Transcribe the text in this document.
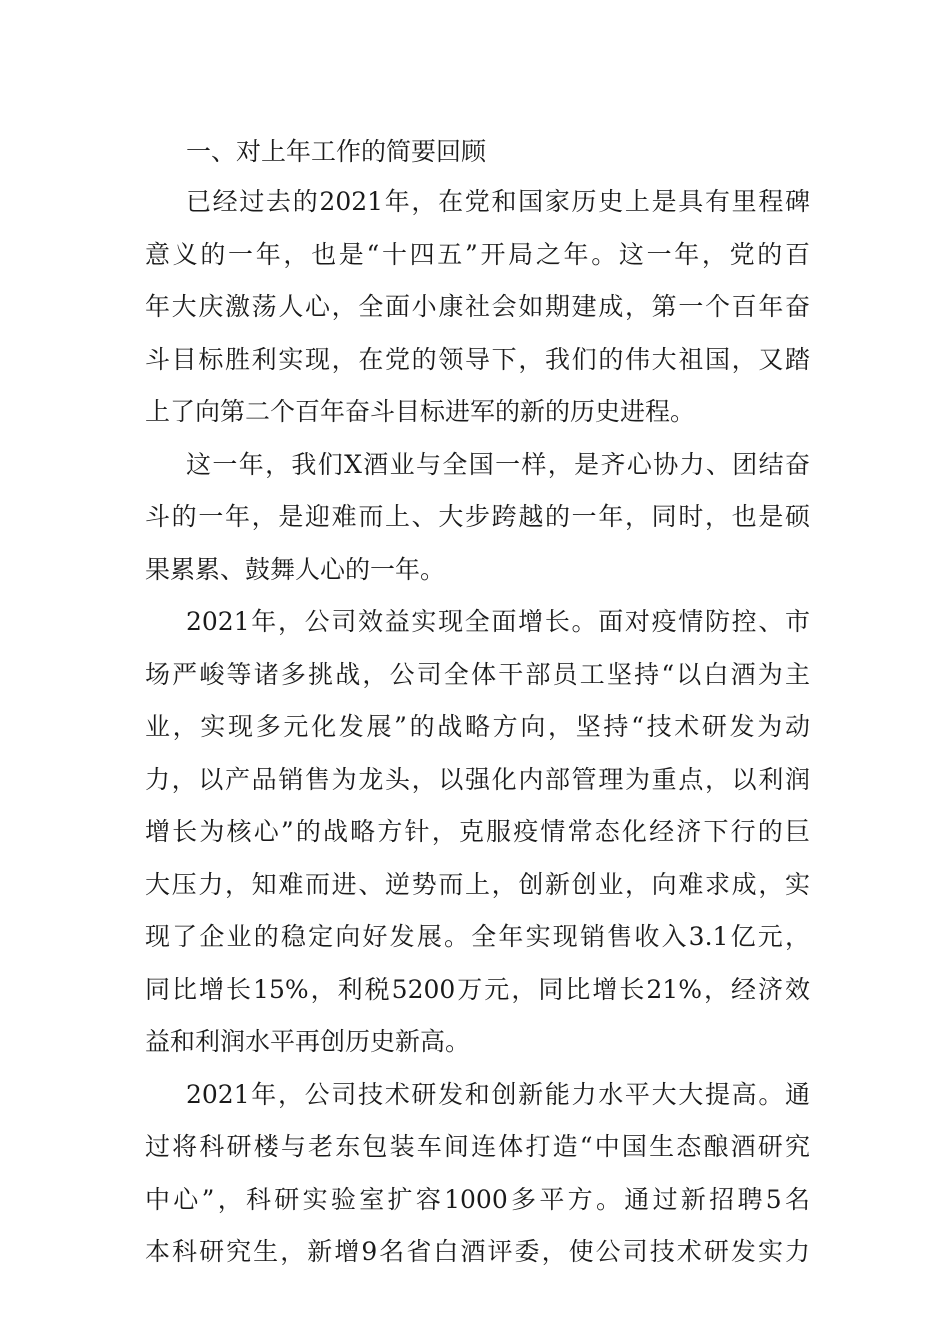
一、对上年工作的简要回顾

已经过去的2021年，在党和国家历史上是具有里程碑
意义的一年，也是“十四五”开局之年。这一年，党的百
年大庆激荡人心，全面小康社会如期建成，第一个百年奋
斗目标胜利实现，在党的领导下，我们的伟大祖国，又踏
上了向第二个百年奋斗目标进军的新的历史进程。

这一年，我们X酒业与全国一样，是齐心协力、团结奋
斗的一年，是迎难而上、大步跨越的一年，同时，也是硕
果累累、鼓舞人心的一年。

2021年，公司效益实现全面增长。面对疫情防控、市
场严峻等诸多挑战，公司全体干部员工坚持“以白酒为主
业，实现多元化发展”的战略方向，坚持“技术研发为动
力，以产品销售为龙头，以强化内部管理为重点，以利润
增长为核心”的战略方针，克服疫情常态化经济下行的巨
大压力，知难而进、逆势而上，创新创业，向难求成，实
现了企业的稳定向好发展。全年实现销售收入3.1亿元，
同比增长15%，利税5200万元，同比增长21%，经济效
益和利润水平再创历史新高。

2021年，公司技术研发和创新能力水平大大提高。通
过将科研楼与老东包装车间连体打造“中国生态酿酒研究
中心”，科研实验室扩容1000多平方。通过新招聘5名
本科研究生，新增9名省白酒评委，使公司技术研发实力
